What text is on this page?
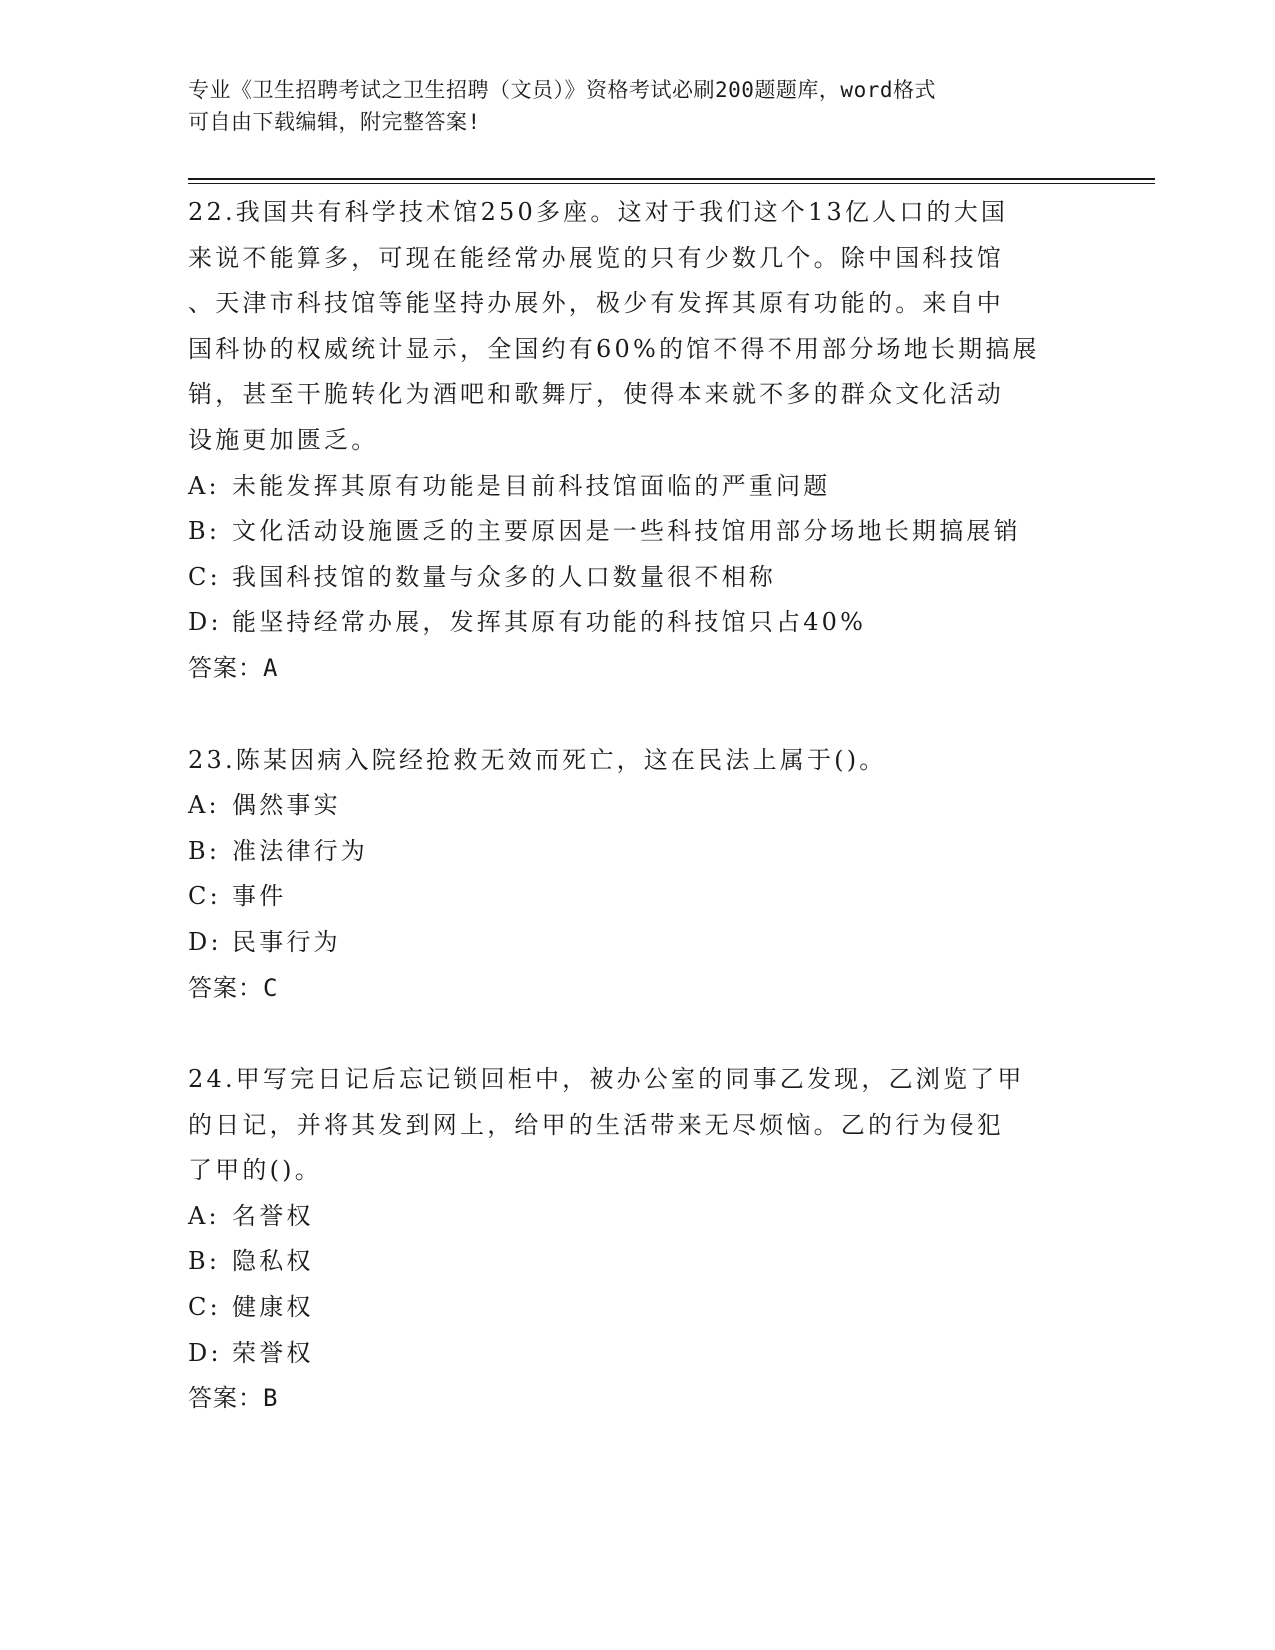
专业《卫生招聘考试之卫生招聘（文员）》资格考试必刷200题题库，word格式
可自由下载编辑，附完整答案!
22.我国共有科学技术馆250多座。这对于我们这个13亿人口的大国
来说不能算多，可现在能经常办展览的只有少数几个。除中国科技馆
、天津市科技馆等能坚持办展外，极少有发挥其原有功能的。来自中
国科协的权威统计显示，全国约有60%的馆不得不用部分场地长期搞展
销，甚至干脆转化为酒吧和歌舞厅，使得本来就不多的群众文化活动
设施更加匮乏。
A: 未能发挥其原有功能是目前科技馆面临的严重问题
B: 文化活动设施匮乏的主要原因是一些科技馆用部分场地长期搞展销
C: 我国科技馆的数量与众多的人口数量很不相称
D: 能坚持经常办展，发挥其原有功能的科技馆只占40%
答案：A
23.陈某因病入院经抢救无效而死亡，这在民法上属于()。
A: 偶然事实
B: 准法律行为
C: 事件
D: 民事行为
答案：C
24.甲写完日记后忘记锁回柜中，被办公室的同事乙发现，乙浏览了甲
的日记，并将其发到网上，给甲的生活带来无尽烦恼。乙的行为侵犯
了甲的()。
A: 名誉权
B: 隐私权
C: 健康权
D: 荣誉权
答案：B
